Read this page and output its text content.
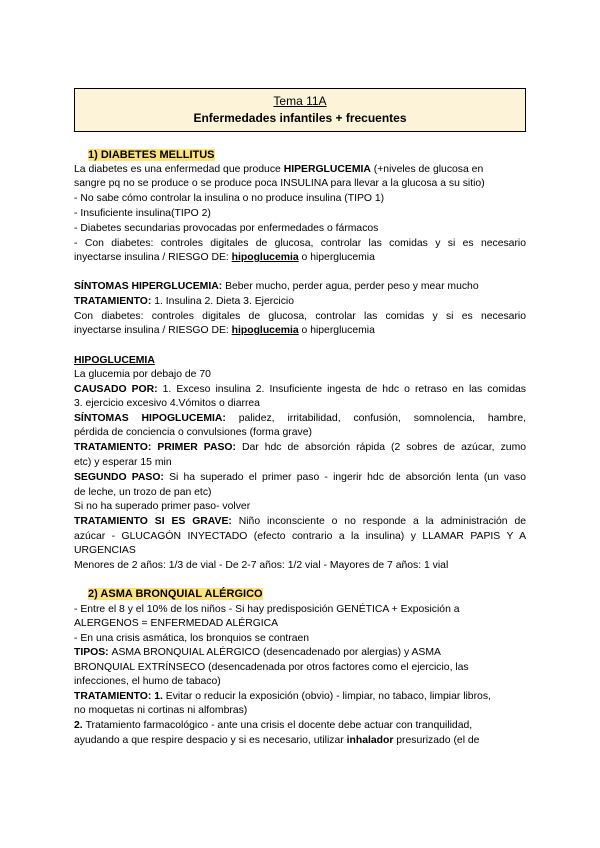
Tema 11A
Enfermedades infantiles + frecuentes
1) DIABETES MELLITUS
La diabetes es una enfermedad que produce HIPERGLUCEMIA (+niveles de glucosa en
sangre pq no se produce o se produce poca INSULINA para llevar a la glucosa a su sitio)
- No sabe cómo controlar la insulina o no produce insulina (TIPO 1)
- Insuficiente insulina(TIPO 2)
- Diabetes secundarias provocadas por enfermedades o fármacos
- Con diabetes: controles digitales de glucosa, controlar las comidas y si es necesario
inyectarse insulina / RIESGO DE: hipoglucemia o hiperglucemia
SÍNTOMAS HIPERGLUCEMIA: Beber mucho, perder agua, perder peso y mear mucho
TRATAMIENTO: 1. Insulina 2. Dieta 3. Ejercicio
Con diabetes: controles digitales de glucosa, controlar las comidas y si es necesario
inyectarse insulina / RIESGO DE: hipoglucemia o hiperglucemia
HIPOGLUCEMIA
La glucemia por debajo de 70
CAUSADO POR: 1. Exceso insulina 2. Insuficiente ingesta de hdc o retraso en las comidas
3. ejercicio excesivo 4.Vómitos o diarrea
SÍNTOMAS HIPOGLUCEMIA: palidez, irritabilidad, confusión, somnolencia, hambre,
pérdida de conciencia o convulsiones (forma grave)
TRATAMIENTO: PRIMER PASO: Dar hdc de absorción rápida (2 sobres de azúcar, zumo
etc) y esperar 15 min
SEGUNDO PASO: Si ha superado el primer paso - ingerir hdc de absorción lenta (un vaso
de leche, un trozo de pan etc)
Si no ha superado primer paso- volver
TRATAMIENTO SI ES GRAVE: Niño inconsciente o no responde a la administración de
azúcar - GLUCAGÓN INYECTADO (efecto contrario a la insulina) y LLAMAR PAPIS Y A
URGENCIAS
Menores de 2 años: 1/3 de vial - De 2-7 años: 1/2 vial - Mayores de 7 años: 1 vial
2) ASMA BRONQUIAL ALÉRGICO
- Entre el 8 y el 10% de los niños - Si hay predisposición GENÉTICA + Exposición a
ALERGENOS = ENFERMEDAD ALÉRGICA
- En una crisis asmática, los bronquios se contraen
TIPOS: ASMA BRONQUIAL ALÉRGICO (desencadenado por alergias) y ASMA
BRONQUIAL EXTRÍNSECO (desencadenada por otros factores como el ejercicio, las
infecciones, el humo de tabaco)
TRATAMIENTO: 1. Evitar o reducir la exposición (obvio) - limpiar, no tabaco, limpiar libros,
no moquetas ni cortinas ni alfombras)
2. Tratamiento farmacológico - ante una crisis el docente debe actuar con tranquilidad,
ayudando a que respire despacio y si es necesario, utilizar inhalador presurizado (el de
